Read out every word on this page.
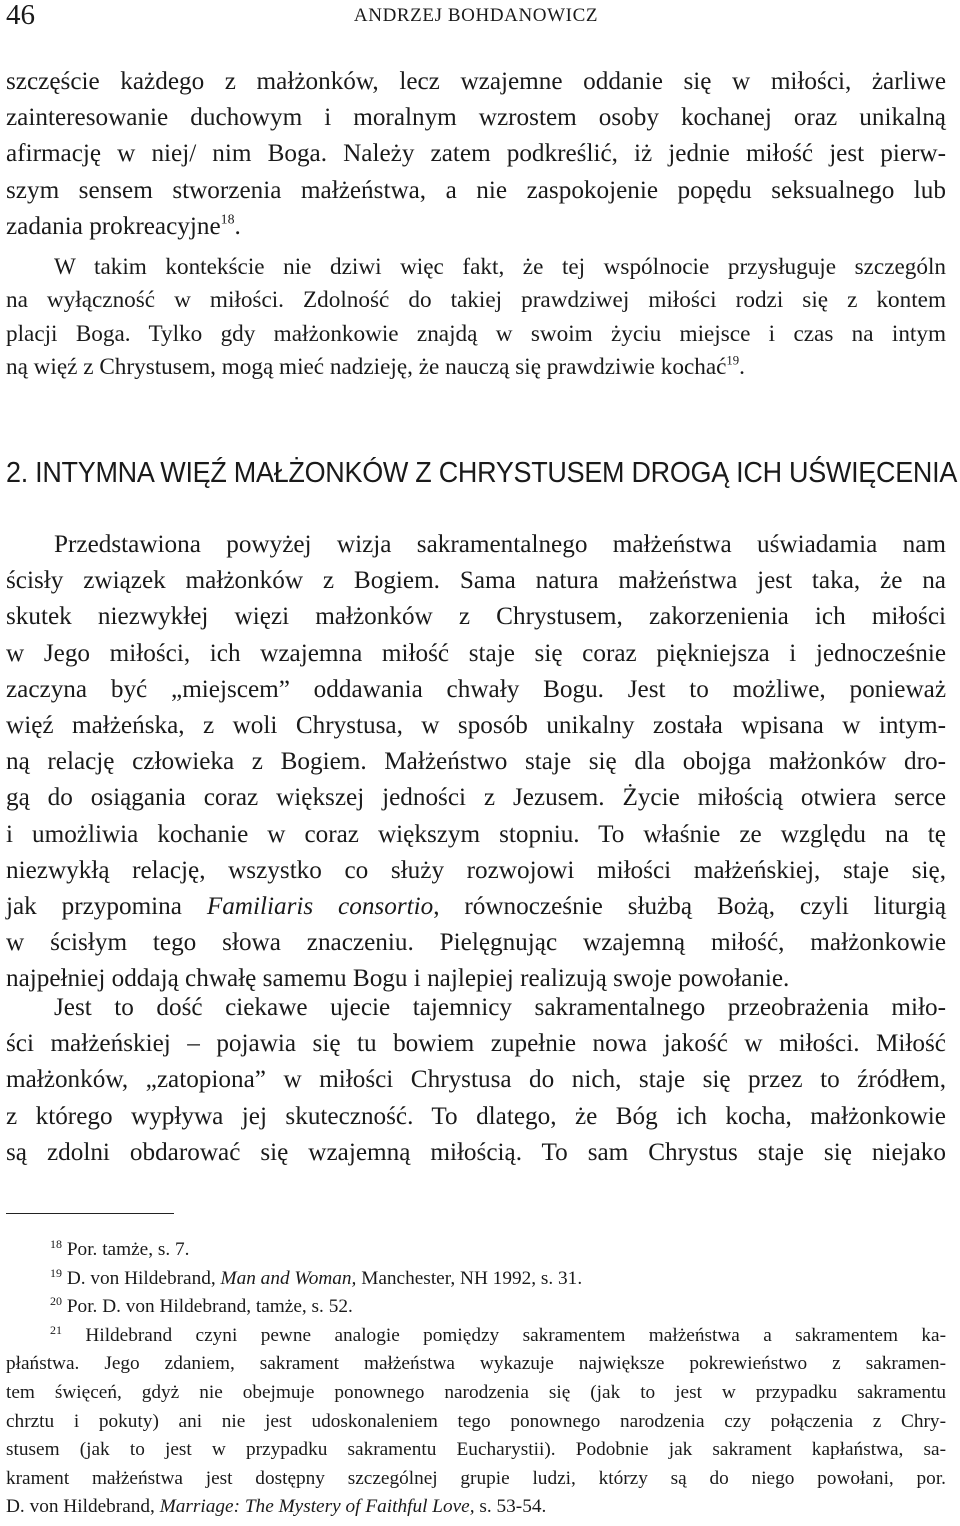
46	ANDRZEJ BOHDANOWICZ
szczęście każdego z małżonków, lecz wzajemne oddanie się w miłości, żarliwe
zainteresowanie duchowym i moralnym wzrostem osoby kochanej oraz unikalną
afirmację w niej/ nim Boga. Należy zatem podkreślić, iż jednie miłość jest pierw-
szym sensem stworzenia małżeństwa, a nie zaspokojenie popędu seksualnego lub
zadania prokreacyjne$^{18}$.
W takim kontekście nie dziwi więc fakt, że tej wspólnocie przysługuje szczególn
na wyłączność w miłości. Zdolność do takiej prawdziwej miłości rodzi się z kontem
placji Boga. Tylko gdy małżonkowie znajdą w swoim życiu miejsce i czas na intym
ną więź z Chrystusem, mogą mieć nadzieję, że nauczą się prawdziwie kochać$^{19}$.
2. INTYMNA WIĘŹ MAŁŻONKÓW Z CHRYSTUSEM DROGĄ ICH UŚWIĘCENIA
Przedstawiona powyżej wizja sakramentalnego małżeństwa uświadamia nam
ścisły związek małżonków z Bogiem. Sama natura małżeństwa jest taka, że na
skutek niezwykłej więzi małżonków z Chrystusem, zakorzenienia ich miłości
w Jego miłości, ich wzajemna miłość staje się coraz piękniejsza i jednocześnie
zaczyna być „miejscem” oddawania chwały Bogu. Jest to możliwe, ponieważ
więź małżeńska, z woli Chrystusa, w sposób unikalny została wpisana w intym-
ną relację człowieka z Bogiem. Małżeństwo staje się dla obojga małżonków dro-
gą do osiągania coraz większej jedności z Jezusem. Życie miłością otwiera serce
i umożliwia kochanie w coraz większym stopniu. To właśnie ze względu na tę
niezwykłą relację, wszystko co służy rozwojowi miłości małżeńskiej, staje się,
jak przypomina Familiaris consortio, równocześnie służbą Bożą, czyli liturgią
w ścisłym tego słowa znaczeniu. Pielęgnując wzajemną miłość, małżonkowie
najpełniej oddają chwałę samemu Bogu i najlepiej realizują swoje powołanie.
Jest to dość ciekawe ujecie tajemnicy sakramentalnego przeobrażenia miło-
ści małżeńskiej – pojawia się tu bowiem zupełnie nowa jakość w miłości. Miłość
małżonków, „zatopiona” w miłości Chrystusa do nich, staje się przez to źródłem,
z którego wypływa jej skuteczność. To dlatego, że Bóg ich kocha, małżonkowie
są zdolni obdarować się wzajemną miłością. To sam Chrystus staje się niejako
$^{18}$ Por. tamże, s. 7.
$^{19}$ D. von Hildebrand, Man and Woman, Manchester, NH 1992, s. 31.
$^{20}$ Por. D. von Hildebrand, tamże, s. 52.
$^{21}$ Hildebrand czyni pewne analogie pomiędzy sakramentem małżeństwa a sakramentem ka-
płaństwa. Jego zdaniem, sakrament małżeństwa wykazuje największe pokrewieństwo z sakramen-
tem święceń, gdyż nie obejmuje ponownego narodzenia się (jak to jest w przypadku sakramentu
chrztu i pokuty) ani nie jest udoskonaleniem tego ponownego narodzenia czy połączenia z Chry-
stusem (jak to jest w przypadku sakramentu Eucharystii). Podobnie jak sakrament kapłaństwa, sa-
krament małżeństwa jest dostępny szczególnej grupie ludzi, którzy są do niego powołani, por.
D. von Hildebrand, Marriage: The Mystery of Faithful Love, s. 53-54.
